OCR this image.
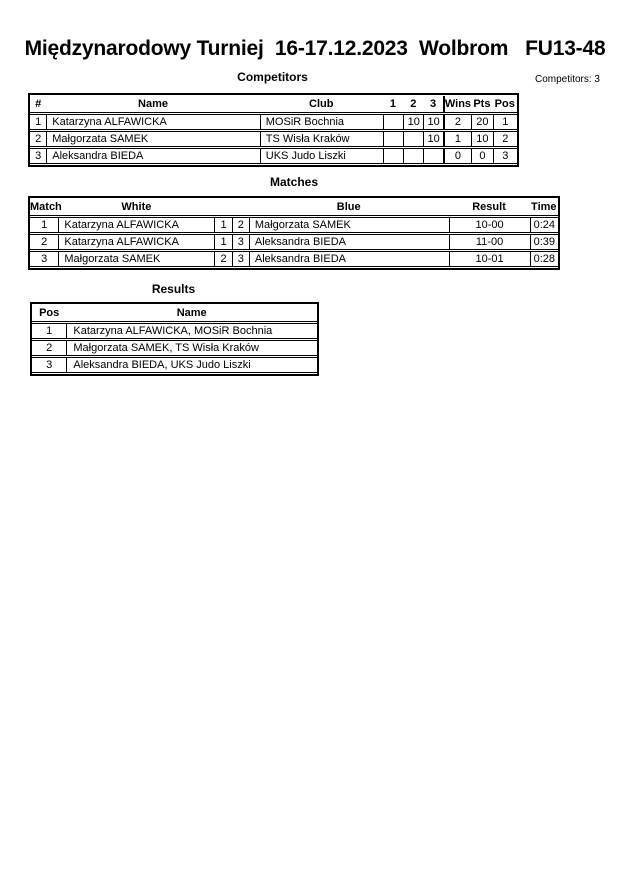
Międzynarodowy Turniej  16-17.12.2023  Wolbrom   FU13-48
Competitors: 3
Competitors
#	Name	Club	1	2	3	Wins	Pts	Pos
1	Katarzyna ALFAWICKA	MOSiR Bochnia		10	10	2	20	1
2	Małgorzata SAMEK	TS Wisła Kraków			10	1	10	2
3	Aleksandra BIEDA	UKS Judo Liszki				0	0	3
Matches
Match	White			Blue	Result	Time
1	Katarzyna ALFAWICKA	1	2	Małgorzata SAMEK	10-00	0:24
2	Katarzyna ALFAWICKA	1	3	Aleksandra BIEDA	11-00	0:39
3	Małgorzata SAMEK	2	3	Aleksandra BIEDA	10-01	0:28
Results
Pos	Name
1	Katarzyna ALFAWICKA, MOSiR Bochnia
2	Małgorzata SAMEK, TS Wisła Kraków
3	Aleksandra BIEDA, UKS Judo Liszki
